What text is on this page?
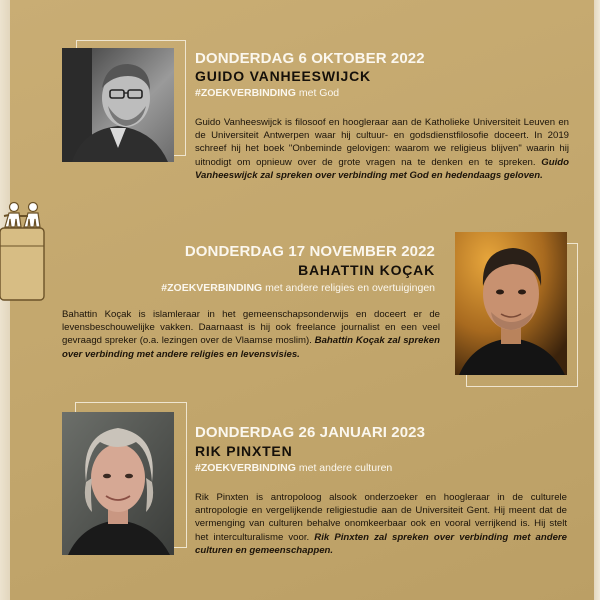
DONDERDAG 6 OKTOBER 2022
GUIDO VANHEESWIJCK
#ZOEKVERBINDING met God

Guido Vanheeswijck is filosoof en hoogleraar aan de Katholieke Universiteit Leuven en de Universiteit Antwerpen waar hij cultuur- en godsdienstfilosofie doceert. In 2019 schreef hij het boek "Onbeminde gelovigen: waarom we religieus blijven" waarin hij uitnodigt om opnieuw over de grote vragen na te denken en te spreken. Guido Vanheeswijck zal spreken over verbinding met God en hedendaags geloven.

DONDERDAG 17 NOVEMBER 2022
BAHATTIN KOÇAK
#ZOEKVERBINDING met andere religies en overtuigingen

Bahattin Koçak is islamleraar in het gemeenschapsonderwijs en doceert er de levensbeschouwelijke vakken. Daarnaast is hij ook freelance journalist en een veel gevraagd spreker (o.a. lezingen over de Vlaamse moslim). Bahattin Koçak zal spreken over verbinding met andere religies en levensvisies.

DONDERDAG 26 JANUARI 2023
RIK PINXTEN
#ZOEKVERBINDING met andere culturen

Rik Pinxten is antropoloog alsook onderzoeker en hoogleraar in de culturele antropologie en vergelijkende religiestudie aan de Universiteit Gent. Hij meent dat de vermenging van culturen behalve onomkeerbaar ook en vooral verrijkend is. Hij stelt het interculturalisme voor. Rik Pinxten zal spreken over verbinding met andere culturen en gemeenschappen.
